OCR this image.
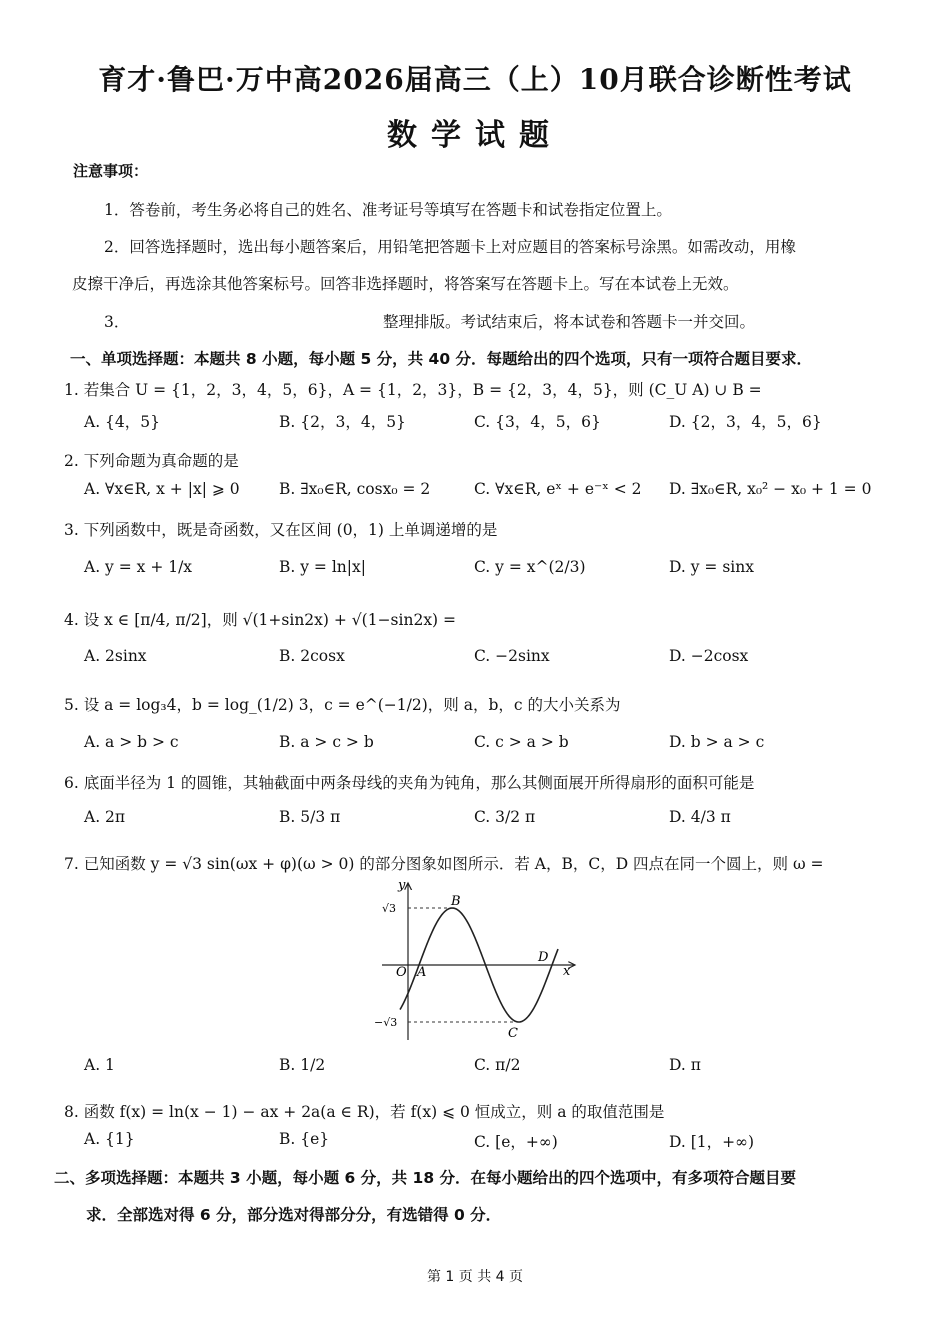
育才·鲁巴·万中高2026届高三（上）10月联合诊断性考试
数学试题
注意事项：
1．答卷前，考生务必将自己的姓名、准考证号等填写在答题卡和试卷指定位置上。
2．回答选择题时，选出每小题答案后，用铅笔把答题卡上对应题目的答案标号涂黑。如需改动，用橡
皮擦干净后，再选涂其他答案标号。回答非选择题时，将答案写在答题卡上。写在本试卷上无效。
3．	整理排版。考试结束后，将本试卷和答题卡一并交回。
一、单项选择题：本题共 8 小题，每小题 5 分，共 40 分．每题给出的四个选项，只有一项符合题目要求．
1. 若集合 U = {1，2，3，4，5，6}，A = {1，2，3}，B = {2，3，4，5}，则 (C_U A) ∪ B =
A. {4，5}	B. {2，3，4，5}	C. {3，4，5，6}	D. {2，3，4，5，6}
2. 下列命题为真命题的是
A. ∀x∈R, x + |x| ⩾ 0	B. ∃x₀∈R, cosx₀ = 2	C. ∀x∈R, eˣ + e⁻ˣ < 2 D. ∃x₀∈R, x₀² − x₀ + 1 = 0
3. 下列函数中，既是奇函数，又在区间 (0，1) 上单调递增的是
A. y = x + 1/x	B. y = ln|x|	C. y = x^(2/3)	D. y = sinx
4. 设 x ∈ [π/4, π/2]，则 √(1+sin2x) + √(1−sin2x) =
A. 2sinx	B. 2cosx	C. −2sinx	D. −2cosx
5. 设 a = log₃4，b = log_(1/2) 3，c = e^(−1/2)，则 a，b，c 的大小关系为
A. a > b > c	B. a > c > b	C. c > a > b	D. b > a > c
6. 底面半径为 1 的圆锥，其轴截面中两条母线的夹角为钝角，那么其侧面展开所得扇形的面积可能是
A. 2π	B. 5/3 π	C. 3/2 π	D. 4/3 π
7. 已知函数 y = √3 sin(ωx + φ)(ω > 0) 的部分图象如图所示．若 A，B，C，D 四点在同一个圆上，则 ω =
y
x
O A
B
C
D
√3
−√3
A. 1	B. 1/2	C. π/2	D. π
8. 函数 f(x) = ln(x − 1) − ax + 2a(a ∈ R)，若 f(x) ⩽ 0 恒成立，则 a 的取值范围是
A. {1}	B. {e}	C. [e，+∞)	D. [1，+∞)
二、多项选择题：本题共 3 小题，每小题 6 分，共 18 分．在每小题给出的四个选项中，有多项符合题目要
求．全部选对得 6 分，部分选对得部分分，有选错得 0 分．
第 1 页 共 4 页
